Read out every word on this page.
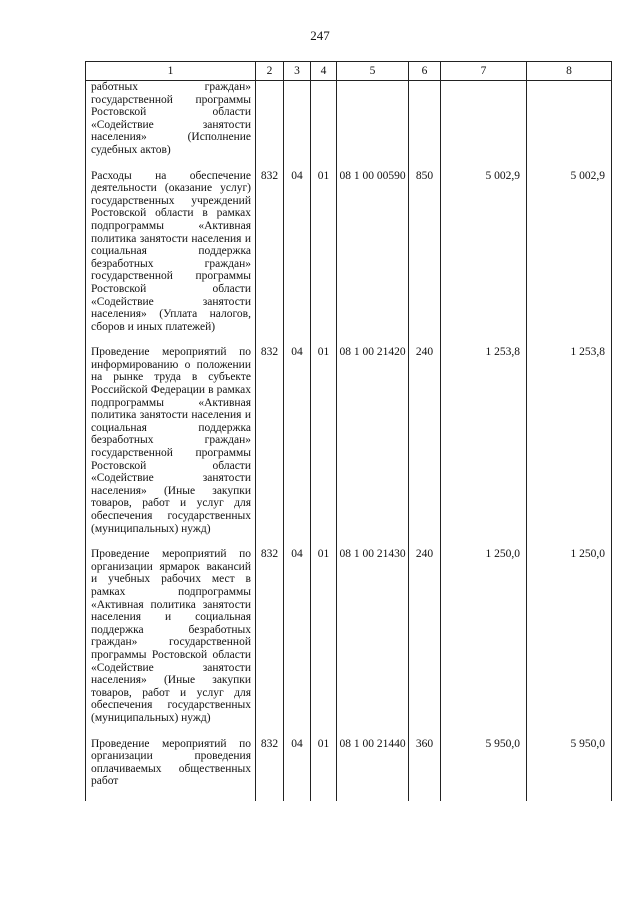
247
1	2	3	4	5	6	7	8
работных граждан» государственной программы Ростовской области «Содействие занятости населения» (Исполнение судебных актов)							
Расходы на обеспечение деятельности (оказание услуг) государственных учреждений Ростовской области в рамках подпрограммы «Активная политика занятости населения и социальная поддержка безработных граждан» государственной программы Ростовской области «Содействие занятости населения» (Уплата налогов, сборов и иных платежей)	832	04	01	08 1 00 00590	850	5 002,9	5 002,9
Проведение мероприятий по информированию о положении на рынке труда в субъекте Российской Федерации в рамках подпрограммы «Активная политика занятости населения и социальная поддержка безработных граждан» государственной программы Ростовской области «Содействие занятости населения» (Иные закупки товаров, работ и услуг для обеспечения государственных (муниципальных) нужд)	832	04	01	08 1 00 21420	240	1 253,8	1 253,8
Проведение мероприятий по организации ярмарок вакансий и учебных рабочих мест в рамках подпрограммы «Активная политика занятости населения и социальная поддержка безработных граждан» государственной программы Ростовской области «Содействие занятости населения» (Иные закупки товаров, работ и услуг для обеспечения государственных (муниципальных) нужд)	832	04	01	08 1 00 21430	240	1 250,0	1 250,0
Проведение мероприятий по организации проведения оплачиваемых общественных работ	832	04	01	08 1 00 21440	360	5 950,0	5 950,0
